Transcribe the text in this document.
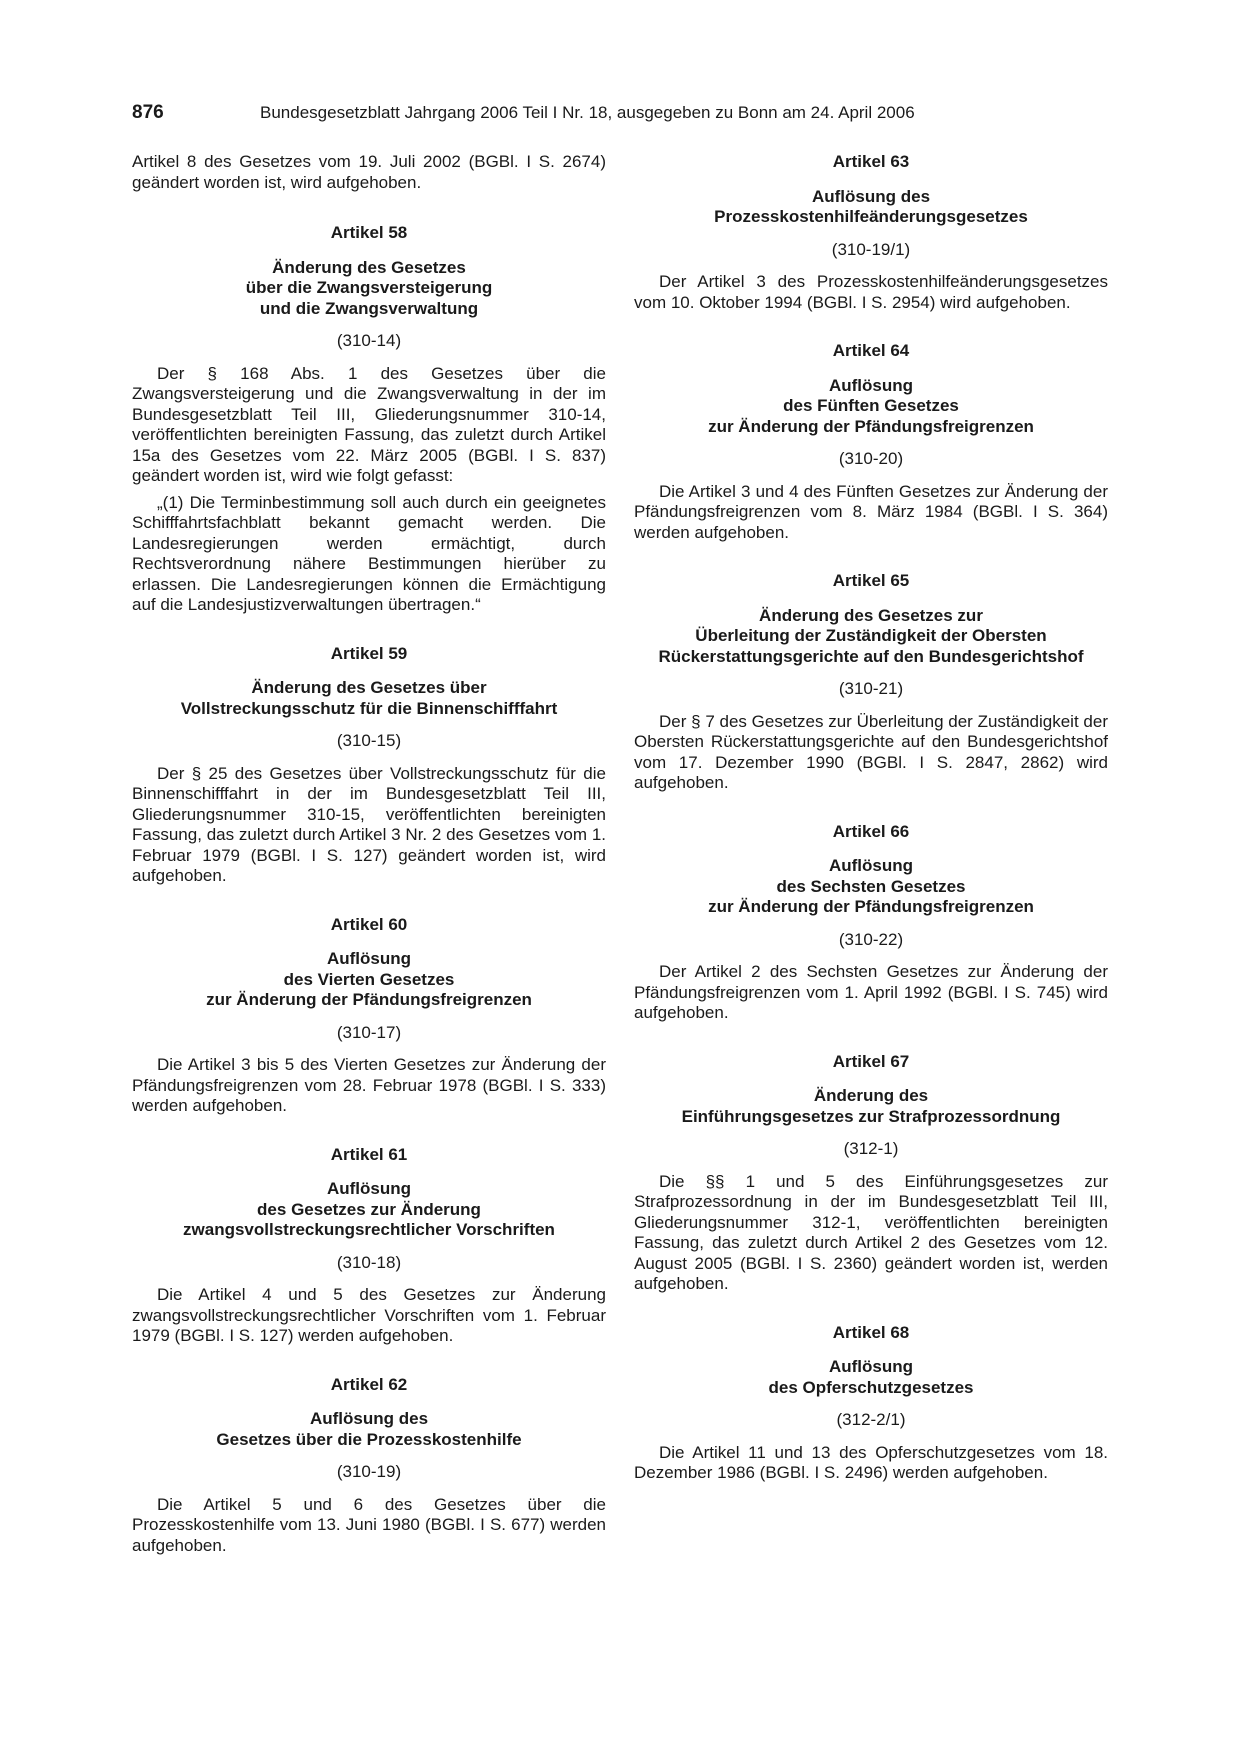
876	Bundesgesetzblatt Jahrgang 2006 Teil I Nr. 18, ausgegeben zu Bonn am 24. April 2006

Artikel 8 des Gesetzes vom 19. Juli 2002 (BGBl. I S. 2674) geändert worden ist, wird aufgehoben.

Artikel 58
Änderung des Gesetzes
über die Zwangsversteigerung
und die Zwangsverwaltung
(310-14)

Der § 168 Abs. 1 des Gesetzes über die Zwangsversteigerung und die Zwangsverwaltung in der im Bundesgesetzblatt Teil III, Gliederungsnummer 310-14, veröffentlichten bereinigten Fassung, das zuletzt durch Artikel 15a des Gesetzes vom 22. März 2005 (BGBl. I S. 837) geändert worden ist, wird wie folgt gefasst:

„(1) Die Terminbestimmung soll auch durch ein geeignetes Schifffahrtsfachblatt bekannt gemacht werden. Die Landesregierungen werden ermächtigt, durch Rechtsverordnung nähere Bestimmungen hierüber zu erlassen. Die Landesregierungen können die Ermächtigung auf die Landesjustizverwaltungen übertragen.“

Artikel 59
Änderung des Gesetzes über
Vollstreckungsschutz für die Binnenschifffahrt
(310-15)

Der § 25 des Gesetzes über Vollstreckungsschutz für die Binnenschifffahrt in der im Bundesgesetzblatt Teil III, Gliederungsnummer 310-15, veröffentlichten bereinigten Fassung, das zuletzt durch Artikel 3 Nr. 2 des Gesetzes vom 1. Februar 1979 (BGBl. I S. 127) geändert worden ist, wird aufgehoben.

Artikel 60
Auflösung
des Vierten Gesetzes
zur Änderung der Pfändungsfreigrenzen
(310-17)

Die Artikel 3 bis 5 des Vierten Gesetzes zur Änderung der Pfändungsfreigrenzen vom 28. Februar 1978 (BGBl. I S. 333) werden aufgehoben.

Artikel 61
Auflösung
des Gesetzes zur Änderung
zwangsvollstreckungsrechtlicher Vorschriften
(310-18)

Die Artikel 4 und 5 des Gesetzes zur Änderung zwangsvollstreckungsrechtlicher Vorschriften vom 1. Februar 1979 (BGBl. I S. 127) werden aufgehoben.

Artikel 62
Auflösung des
Gesetzes über die Prozesskostenhilfe
(310-19)

Die Artikel 5 und 6 des Gesetzes über die Prozesskostenhilfe vom 13. Juni 1980 (BGBl. I S. 677) werden aufgehoben.

Artikel 63
Auflösung des
Prozesskostenhilfeänderungsgesetzes
(310-19/1)

Der Artikel 3 des Prozesskostenhilfeänderungsgesetzes vom 10. Oktober 1994 (BGBl. I S. 2954) wird aufgehoben.

Artikel 64
Auflösung
des Fünften Gesetzes
zur Änderung der Pfändungsfreigrenzen
(310-20)

Die Artikel 3 und 4 des Fünften Gesetzes zur Änderung der Pfändungsfreigrenzen vom 8. März 1984 (BGBl. I S. 364) werden aufgehoben.

Artikel 65
Änderung des Gesetzes zur
Überleitung der Zuständigkeit der Obersten
Rückerstattungsgerichte auf den Bundesgerichtshof
(310-21)

Der § 7 des Gesetzes zur Überleitung der Zuständigkeit der Obersten Rückerstattungsgerichte auf den Bundesgerichtshof vom 17. Dezember 1990 (BGBl. I S. 2847, 2862) wird aufgehoben.

Artikel 66
Auflösung
des Sechsten Gesetzes
zur Änderung der Pfändungsfreigrenzen
(310-22)

Der Artikel 2 des Sechsten Gesetzes zur Änderung der Pfändungsfreigrenzen vom 1. April 1992 (BGBl. I S. 745) wird aufgehoben.

Artikel 67
Änderung des
Einführungsgesetzes zur Strafprozessordnung
(312-1)

Die §§ 1 und 5 des Einführungsgesetzes zur Strafprozessordnung in der im Bundesgesetzblatt Teil III, Gliederungsnummer 312-1, veröffentlichten bereinigten Fassung, das zuletzt durch Artikel 2 des Gesetzes vom 12. August 2005 (BGBl. I S. 2360) geändert worden ist, werden aufgehoben.

Artikel 68
Auflösung
des Opferschutzgesetzes
(312-2/1)

Die Artikel 11 und 13 des Opferschutzgesetzes vom 18. Dezember 1986 (BGBl. I S. 2496) werden aufgehoben.
